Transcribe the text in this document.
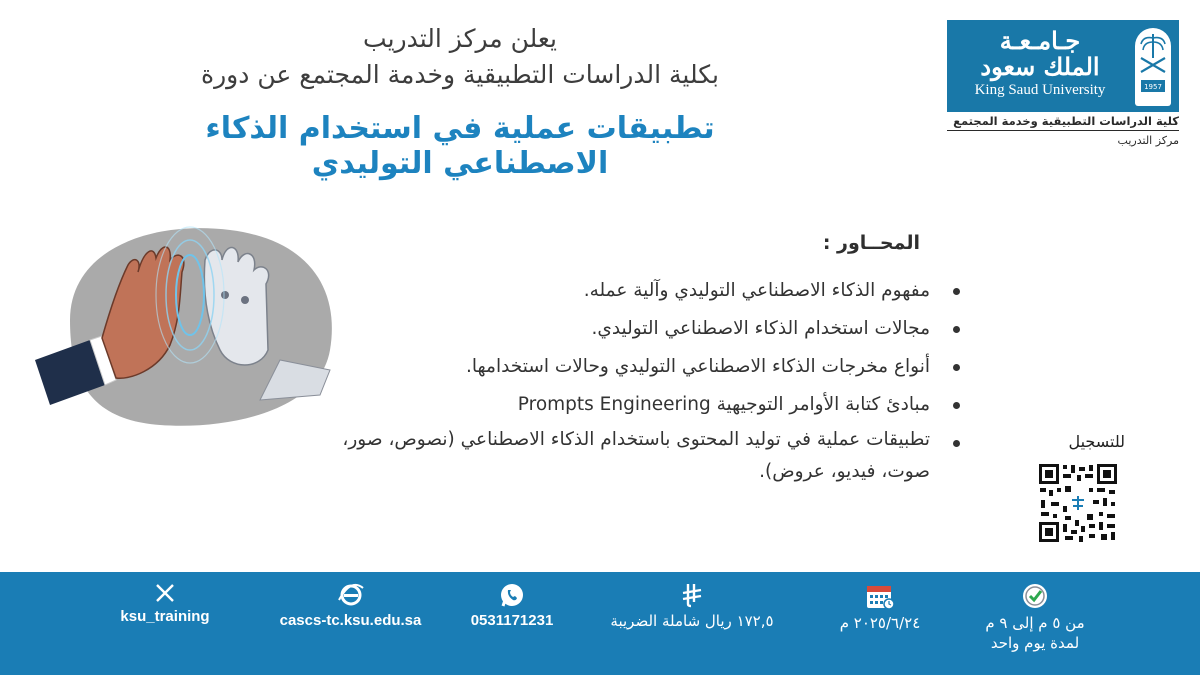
1957
جـامـعـة
الملك سعود
King Saud University
كلية الدراسات التطبيقية وخدمة المجتمع
مركز التدريب
يعلن مركز التدريب
بكلية الدراسات التطبيقية وخدمة المجتمع عن دورة
تطبيقات عملية في استخدام الذكاء الاصطناعي التوليدي
المحــاور :
مفهوم الذكاء الاصطناعي التوليدي وآلية عمله.
مجالات استخدام الذكاء الاصطناعي التوليدي.
أنواع مخرجات الذكاء الاصطناعي التوليدي وحالات استخدامها.
مبادئ كتابة الأوامر التوجيهية Prompts Engineering
تطبيقات عملية في توليد المحتوى باستخدام الذكاء الاصطناعي (نصوص، صور، صوت، فيديو، عروض).
للتسجيل
ksu_training	cascs-tc.ksu.edu.sa	0531171231	١٧٢,٥ ريال شاملة الضريبة	٢٠٢٥/٦/٢٤ م	من ٥ م إلى ٩ م
لمدة يوم واحد
